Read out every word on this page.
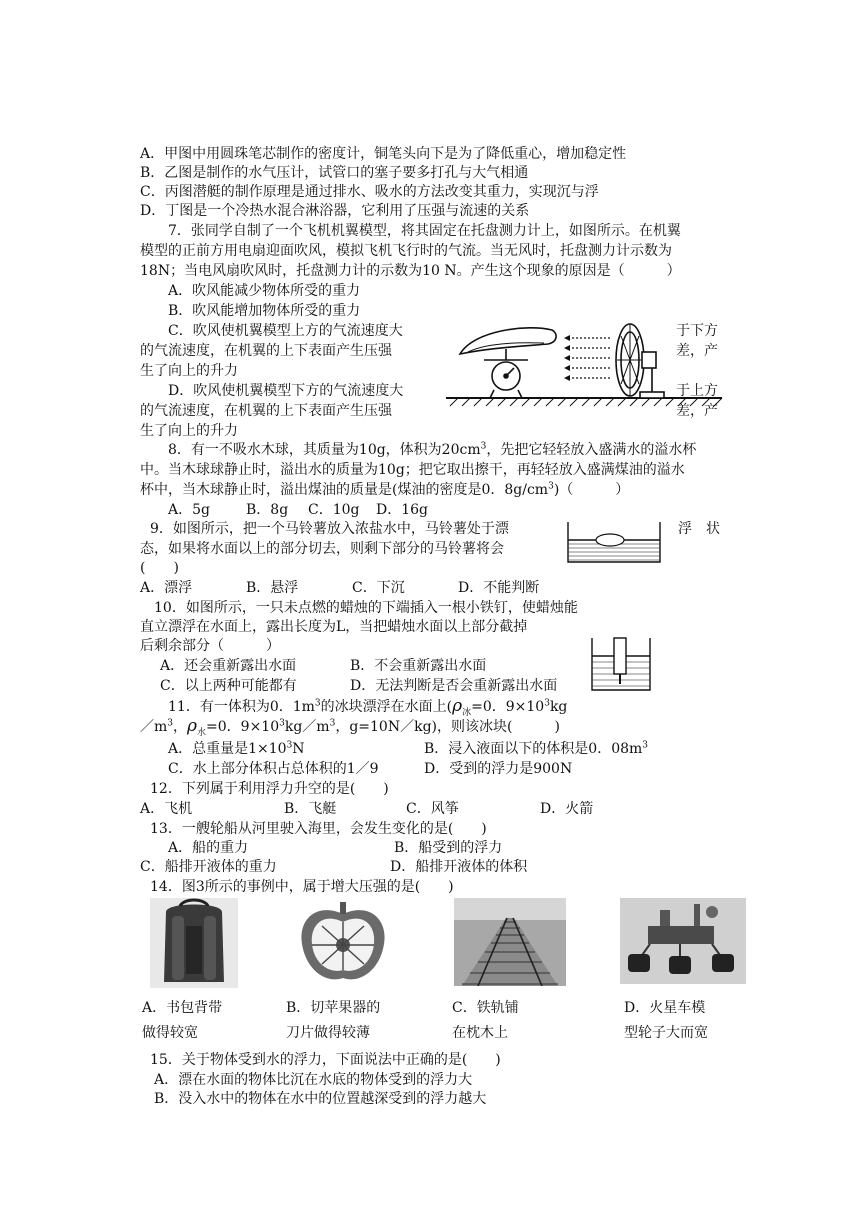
A．甲图中用圆珠笔芯制作的密度计，铜笔头向下是为了降低重心，增加稳定性
B．乙图是制作的水气压计，试管口的塞子要多打孔与大气相通
C．丙图潜艇的制作原理是通过排水、吸水的方法改变其重力，实现沉与浮
D．丁图是一个冷热水混合淋浴器，它利用了压强与流速的关系
7．张同学自制了一个飞机机翼模型，将其固定在托盘测力计上，如图所示。在机翼
模型的正前方用电扇迎面吹风，模拟飞机飞行时的气流。当无风时，托盘测力计示数为
18N；当电风扇吹风时，托盘测力计的示数为10 N。产生这个现象的原因是（　　　）
A．吹风能减少物体所受的重力
B．吹风能增加物体所受的重力
C．吹风使机翼模型上方的气流速度大	于下方
的气流速度，在机翼的上下表面产生压强	差，产
生了向上的升力
D．吹风使机翼模型下方的气流速度大	于上方
的气流速度，在机翼的上下表面产生压强	差，产
生了向上的升力
8．有一不吸水木球，其质量为10g，体积为$20cm^3$，先把它轻轻放入盛满水的溢水杯
中。当木球球静止时，溢出水的质量为10g；把它取出擦干，再轻轻放入盛满煤油的溢水
杯中，当木球静止时，溢出煤油的质量是(煤油的密度是0．$8g/cm^3$)（　　　）
A．5g	B．8g C．10g D．16g
9．如图所示，把一个马铃薯放入浓盐水中，马铃薯处于漂	浮　状
态，如果将水面以上的部分切去，则剩下部分的马铃薯将会
(　　)
A．漂浮	B．悬浮	C．下沉	D．不能判断
10．如图所示，一只未点燃的蜡烛的下端插入一根小铁钉，使蜡烛能
直立漂浮在水面上，露出长度为L，当把蜡烛水面以上部分截掉
后剩余部分（　　　）
A．还会重新露出水面	B．不会重新露出水面
C．以上两种可能都有	D．无法判断是否会重新露出水面
11．有一体积为0．$1m^3$的冰块漂浮在水面上($\rho_冰=0$．$9\times 10^3kg$
$/m^3$，$\rho_水=0$．$9\times 10^3kg/m^3$，g=10N／kg)，则该冰块(　　　)
A．总重量是$1\times 10^3N$	B．浸入液面以下的体积是0．$08m^3$
C．水上部分体积占总体积的1／9	D．受到的浮力是900N
12．下列属于利用浮力升空的是(　　)
A．飞机	B．飞艇	C．风筝	D．火箭
13．一艘轮船从河里驶入海里，会发生变化的是(　　)
A．船的重力	B．船受到的浮力
C．船排开液体的重力	D．船排开液体的体积
14．图3所示的事例中，属于增大压强的是(　　)
A．书包背带
做得较宽
B．切苹果器的
刀片做得较薄
C．铁轨铺
在枕木上
D．火星车模
型轮子大而宽
15．关于物体受到水的浮力，下面说法中正确的是(　　)
A．漂在水面的物体比沉在水底的物体受到的浮力大
B．没入水中的物体在水中的位置越深受到的浮力越大
